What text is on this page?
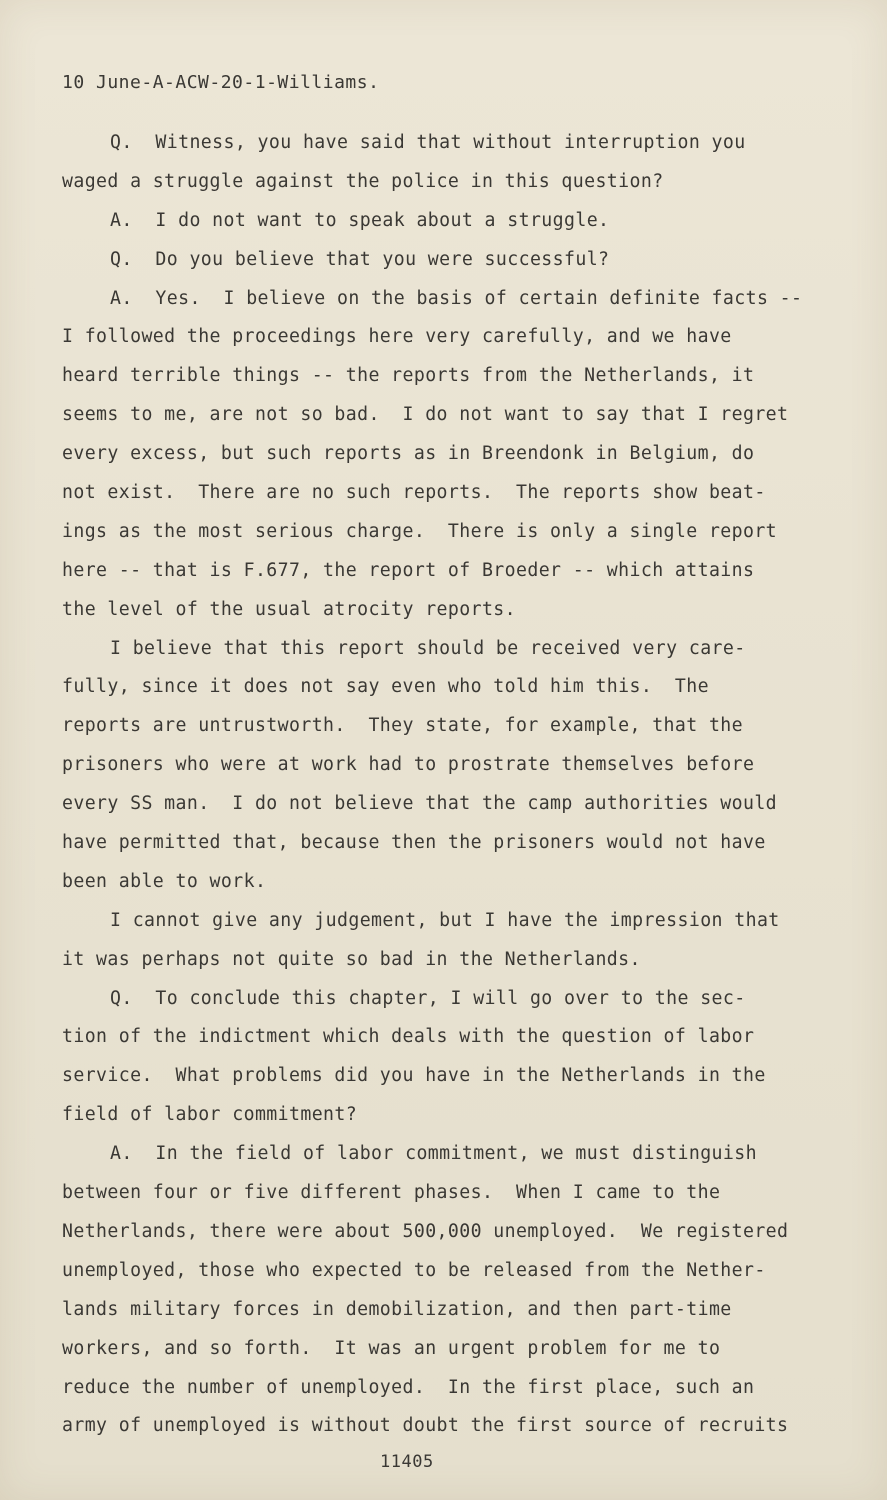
10 June-A-ACW-20-1-Williams.
Q.  Witness, you have said that without interruption you
waged a struggle against the police in this question?
A.  I do not want to speak about a struggle.
Q.  Do you believe that you were successful?
A.  Yes.  I believe on the basis of certain definite facts --
I followed the proceedings here very carefully, and we have
heard terrible things -- the reports from the Netherlands, it
seems to me, are not so bad.  I do not want to say that I regret
every excess, but such reports as in Breendonk in Belgium, do
not exist.  There are no such reports.  The reports show beat-
ings as the most serious charge.  There is only a single report
here -- that is F.677, the report of Broeder -- which attains
the level of the usual atrocity reports.
I believe that this report should be received very care-
fully, since it does not say even who told him this.  The
reports are untrustworth.  They state, for example, that the
prisoners who were at work had to prostrate themselves before
every SS man.  I do not believe that the camp authorities would
have permitted that, because then the prisoners would not have
been able to work.
I cannot give any judgement, but I have the impression that
it was perhaps not quite so bad in the Netherlands.
Q.  To conclude this chapter, I will go over to the sec-
tion of the indictment which deals with the question of labor
service.  What problems did you have in the Netherlands in the
field of labor commitment?
A.  In the field of labor commitment, we must distinguish
between four or five different phases.  When I came to the
Netherlands, there were about 500,000 unemployed.  We registered
unemployed, those who expected to be released from the Nether-
lands military forces in demobilization, and then part-time
workers, and so forth.  It was an urgent problem for me to
reduce the number of unemployed.  In the first place, such an
army of unemployed is without doubt the first source of recruits
11405
